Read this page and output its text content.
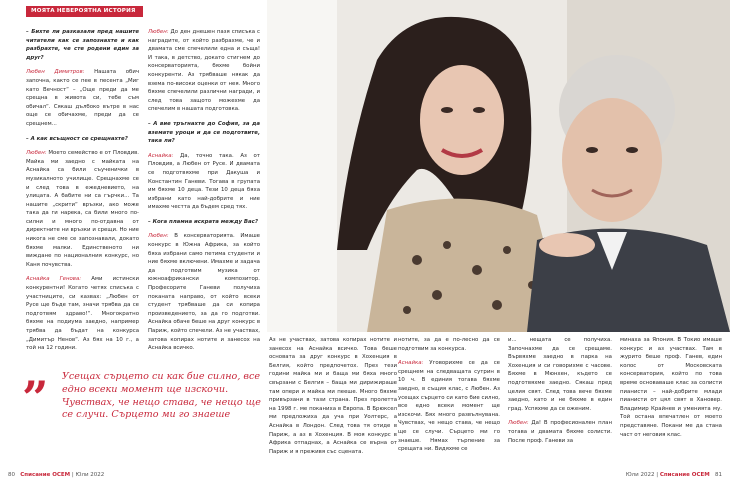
МОЯТА НЕВЕРОЯТНА ИСТОРИЯ

– Бихте ли разказали пред нашите читатели как се запознахте и как разбрахте, че сте родени един за друг?

Любен Димитров: Нашата обич започна, както се пее в песента „Миг като Вечност“ – „Още преди да ме срещна в живота си, тебе съм обичал“. Сякаш дълбоко вътре в нас още се обичахме, преди да се срещнем...

– А как всъщност се срещнахте?

Любен: Моето семейство е от Пловдив. Майка ми заедно с майката на Аснайка са били съученички в музикалното училище. Срещнахме се и след това в ежедневието, на улицата. А бабите ни са гърчки... Та нашите „скрити“ връзки, ако може така да ги нарека, са били много по-силни и много по-отдавна от директните ни връзки и срещи. Но ние никога не сме се запознавали, докато бяхме малки. Единственото ни виждане по националния конкурс, но Каня почувства.

Аснайка Генова: Ами истински конкурентни! Когато четях списъка с участниците, си казвах: „Любен от Русе ще бъде там, значи трябва да се подготвям здраво!“. Многократно бяхме на подиума заедно, например трябва да бъдат на конкурса „Димитър Ненов“. Аз бях на 10 г., а той на 12 години.

Любен: До ден днешен пазя списъка с наградите, от който разбрахме, че и двамата сме спечелили една и съща! И така, в детство, докато стигнем до консерваторията, бяхме бойни конкуренти. Аз трябваше някак да взема по-високи оценки от нея. Много бяхме спечелили различни награди, и след това защото можехме да спечелим в нашата подготовка.

– А вие тръгнахте до София, за да вземате уроци и да се подготвите, така ли?

Аснайка: Да, точно така. Аз от Пловдив, а Любен от Русе. И двамата се подготвяхме при Дакуша и Константин Ганеви. Тогава в групата им бяхме 10 деца. Тези 10 деца бяха избрани като най-добрите и ние имахме честта да бъдем сред тях.

– Кога пламна искрата между Вас?

Любен: В консерваторията. Имаше конкурс в Южна Африка, за който бяха избрани само петима студенти и ние бяхме включени. Имахме и задача да подготвим музика от южноафрикански композитор. Професорите Ганеви получиха поканата направо, от който всеки студент трябваше да си копира произведението, за да го подготви. Аснайка обаче беше на друг конкурс в Париж, който спечели. Аз не участвах, затова копирах нотите и занесох на Аснайка всичко.

” Усещах сърцето си как бие силно, все едно всеки момент ще изскочи. Чувствах, че нещо става, че нещо ще се случи. Сърцето ми го знаеше

Аз не участвах, затова копирах нотите и занесох на Аснайка всичко. Това беше основата за друг конкурс в Хохенция в Белгия, който предпочетох. През тези години майка ми и баща ми бяха много свързани с Белгия – баща ми дирижираше там опери и майка ми пееше. Много бяхме привързани в тази страна. През пролетта на 1998 г. ме поканиха в Европа. В Брюксел ми предложиха да уча при Уолтерс, а Аснайка в Лондон. След това тя отиде в Париж, а аз в Хохенция. В моя конкурс в Африка отпаднах, а Аснайка се върна от Париж и я преживя със сцената.

нотите, за да е по-лесно да се подготвим за конкурса.

Аснайка: Уговорихме се да се срещнем на следващата сутрин в 10 ч. В единия тогава бяхме заедно, в същия клас, с Любен. Аз усещах сърцето си като бие силно, все едно всеки момент ще изскочи. Бях много развълнувана. Чувствах, че нещо става, че нещо ще се случи. Сърцето ми го знаеше. Нямах търпение за срещата ни. Видяхме се

и... нещата се получиха. Започнахме да се срещаме. Вървяхме заедно в парка на Хохенция и си говорихме с часове. Бяхме в Мюнхен, където се подготвяхме заедно. Сякаш пред целия свят. След това вече бяхме заедно, като и не бяхме в един град. Успяхме да се оженим.

Любен: Да! В професионален план тогава и двамата бяхме солисти. После проф. Ганеви за

минаха за Япония. В Токио имаше конкурс и аз участвах. Там в журито беше проф. Ганев, един колос от Московската консерватория, който по това време основаваше клас за солисти пианисти – най-добрите млади пианисти от цял свят в Хановер. Владимир Крайнев и уменията му. Той остана впечатлен от моето представяне. Покани ме да стана част от неговия клас.

80 Списание ОСЕМ | Юли 2022	Юли 2022 | Списание ОСЕМ 81
